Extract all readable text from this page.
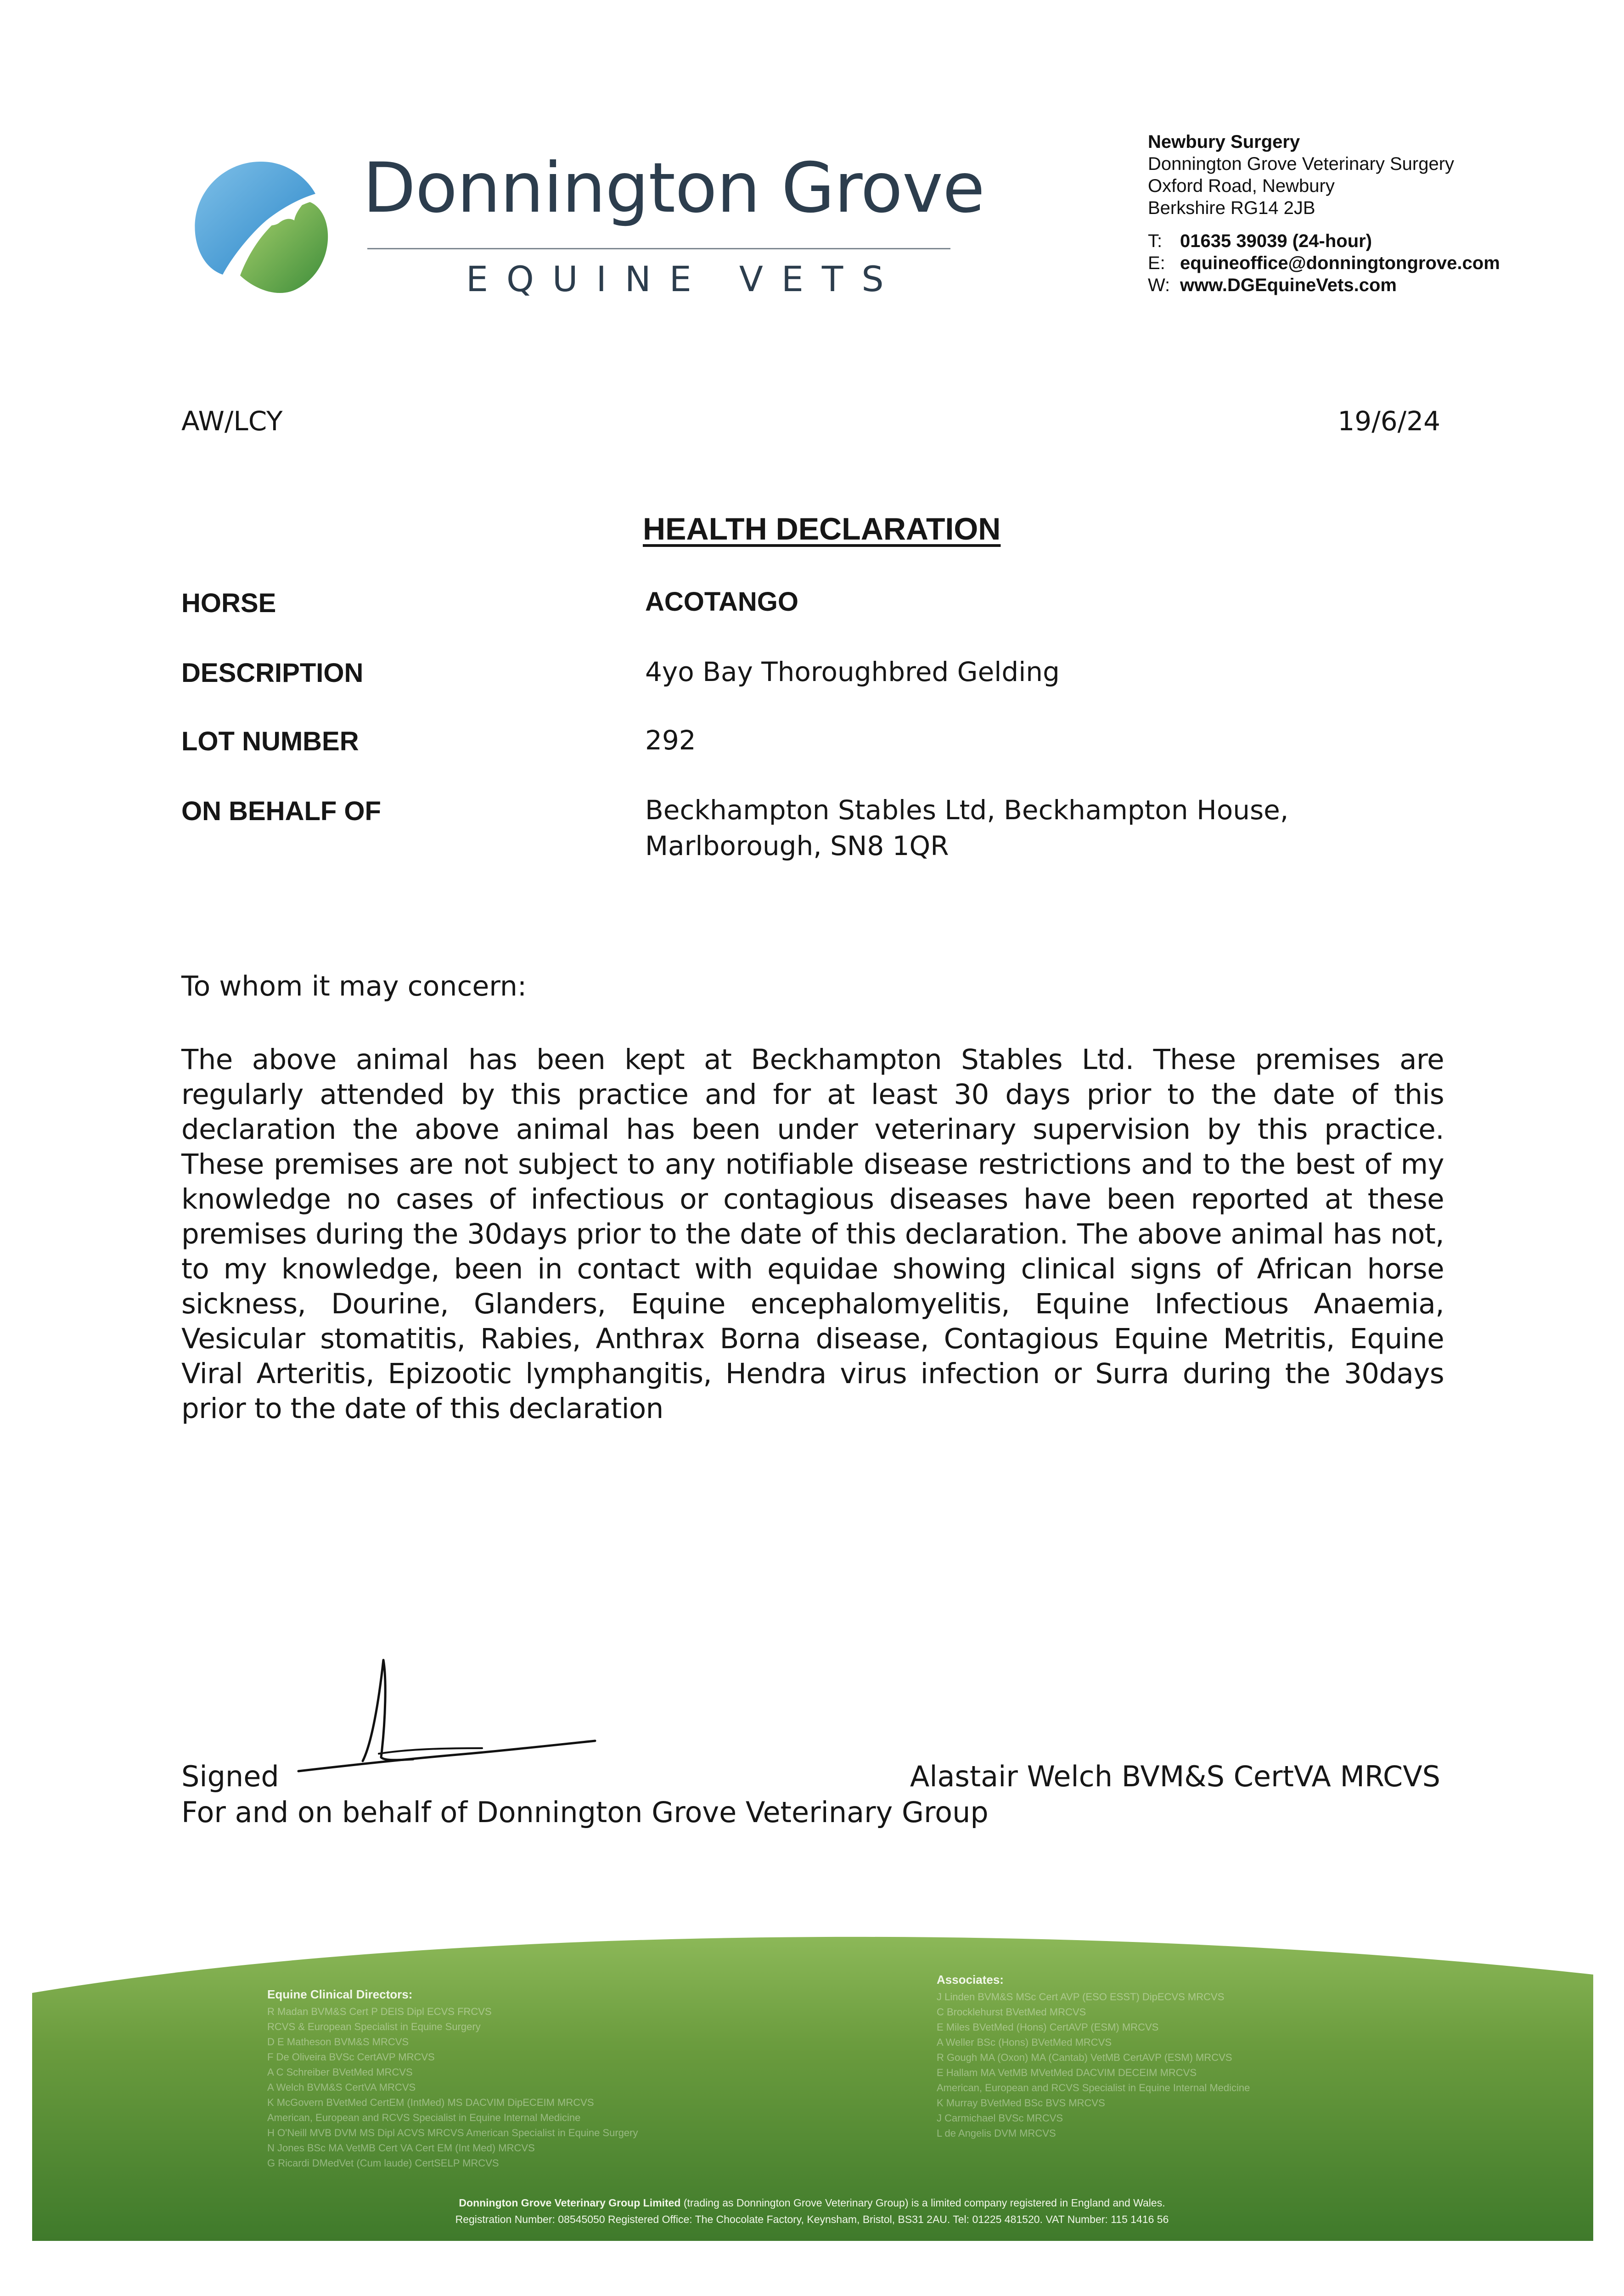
Donnington Grove
EQUINE VETS
Newbury Surgery
Donnington Grove Veterinary Surgery
Oxford Road, Newbury
Berkshire RG14 2JB
T: 01635 39039 (24-hour)
E: equineoffice@donningtongrove.com
W: www.DGEquineVets.com
AW/LCY	19/6/24
HEALTH DECLARATION
HORSE	ACOTANGO
DESCRIPTION	4yo Bay Thoroughbred Gelding
LOT NUMBER	292
ON BEHALF OF	Beckhampton Stables Ltd, Beckhampton House,
Marlborough, SN8 1QR
To whom it may concern:
The above animal has been kept at Beckhampton Stables Ltd. These premises are regularly attended by this practice and for at least 30 days prior to the date of this declaration the above animal has been under veterinary supervision by this practice. These premises are not subject to any notifiable disease restrictions and to the best of my knowledge no cases of infectious or contagious diseases have been reported at these premises during the 30days prior to the date of this declaration. The above animal has not, to my knowledge, been in contact with equidae showing clinical signs of African horse sickness, Dourine, Glanders, Equine encephalomyelitis, Equine Infectious Anaemia, Vesicular stomatitis, Rabies, Anthrax Borna disease, Contagious Equine Metritis, Equine Viral Arteritis, Epizootic lymphangitis, Hendra virus infection or Surra during the 30days prior to the date of this declaration
Signed	Alastair Welch BVM&S CertVA MRCVS
For and on behalf of Donnington Grove Veterinary Group
Equine Clinical Directors:
R Madan BVM&S Cert P DEIS Dipl ECVS FRCVS
RCVS & European Specialist in Equine Surgery
D E Matheson BVM&S MRCVS
F De Oliveira BVSc CertAVP MRCVS
A C Schreiber BVetMed MRCVS
A Welch BVM&S CertVA MRCVS
K McGovern BVetMed CertEM (IntMed) MS DACVIM DipECEIM MRCVS
American, European and RCVS Specialist in Equine Internal Medicine
H O'Neill MVB DVM MS Dipl ACVS MRCVS American Specialist in Equine Surgery
N Jones BSc MA VetMB Cert VA Cert EM (Int Med) MRCVS
G Ricardi DMedVet (Cum laude) CertSELP MRCVS
Associates:
J Linden BVM&S MSc Cert AVP (ESO ESST) DipECVS MRCVS
C Brocklehurst BVetMed MRCVS
E Miles BVetMed (Hons) CertAVP (ESM) MRCVS
A Weller BSc (Hons) BVetMed MRCVS
R Gough MA (Oxon) MA (Cantab) VetMB CertAVP (ESM) MRCVS
E Hallam MA VetMB MVetMed DACVIM DECEIM MRCVS
American, European and RCVS Specialist in Equine Internal Medicine
K Murray BVetMed BSc BVS MRCVS
J Carmichael BVSc MRCVS
L de Angelis DVM MRCVS
Donnington Grove Veterinary Group Limited (trading as Donnington Grove Veterinary Group) is a limited company registered in England and Wales.
Registration Number: 08545050 Registered Office: The Chocolate Factory, Keynsham, Bristol, BS31 2AU. Tel: 01225 481520. VAT Number: 115 1416 56
